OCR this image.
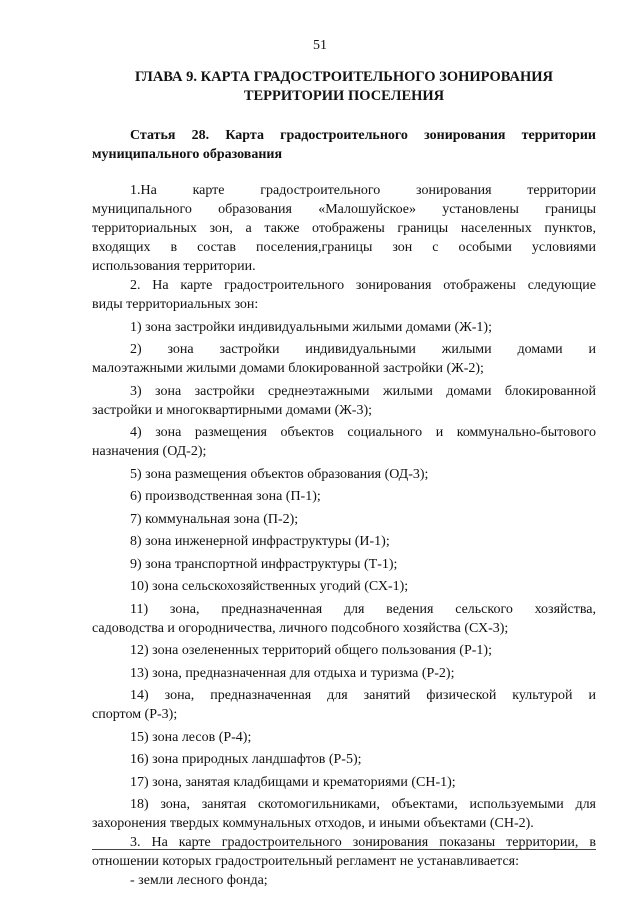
51
ГЛАВА 9. КАРТА ГРАДОСТРОИТЕЛЬНОГО ЗОНИРОВАНИЯ
ТЕРРИТОРИИ ПОСЕЛЕНИЯ

Статья 28. Карта градостроительного зонирования территории

муниципального образования

1.На карте градостроительного зонирования территории
муниципального образования «Малошуйское» установлены границы
территориальных зон, а также отображены границы населенных пунктов,
входящих в состав поселения,границы зон с особыми условиями
использования территории.
2. На карте градостроительного зонирования отображены следующие
виды территориальных зон:
1) зона застройки индивидуальными жилыми домами (Ж-1);
2) зона застройки индивидуальными жилыми домами и
малоэтажными жилыми домами блокированной застройки (Ж-2);
3) зона застройки среднеэтажными жилыми домами блокированной
застройки и многоквартирными домами (Ж-3);
4) зона размещения объектов социального и коммунально-бытового
назначения (ОД-2);
5) зона размещения объектов образования (ОД-3);
6) производственная зона (П-1);
7) коммунальная зона (П-2);
8) зона инженерной инфраструктуры (И-1);
9) зона транспортной инфраструктуры (Т-1);
10) зона сельскохозяйственных угодий (СХ-1);
11) зона, предназначенная для ведения сельского хозяйства,
садоводства и огородничества, личного подсобного хозяйства (СХ-3);
12) зона озелененных территорий общего пользования (Р-1);
13) зона, предназначенная для отдыха и туризма (Р-2);
14) зона, предназначенная для занятий физической культурой и
спортом (Р-3);
15) зона лесов (Р-4);
16) зона природных ландшафтов (Р-5);
17) зона, занятая кладбищами и крематориями (СН-1);
18) зона, занятая скотомогильниками, объектами, используемыми для
захоронения твердых коммунальных отходов, и иными объектами (СН-2).
3. На карте градостроительного зонирования показаны территории, в
отношении которых градостроительный регламент не устанавливается:
- земли лесного фонда;
